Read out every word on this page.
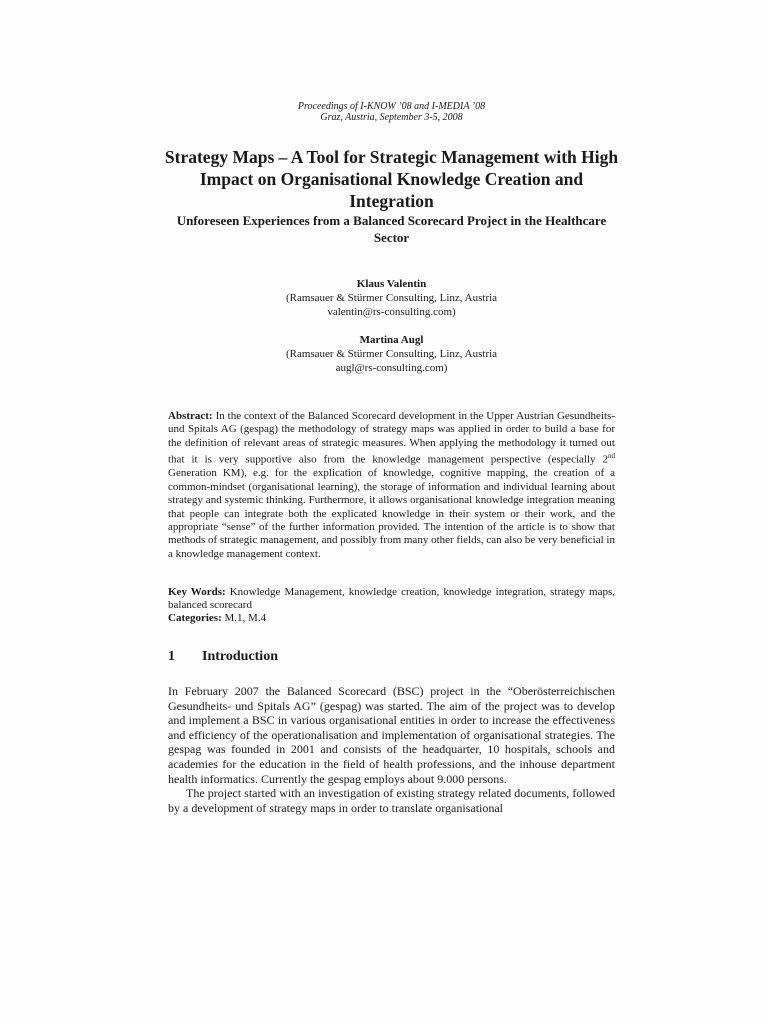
Proceedings of I-KNOW ’08 and I-MEDIA ’08
Graz, Austria, September 3-5, 2008
Strategy Maps – A Tool for Strategic Management with High Impact on Organisational Knowledge Creation and Integration
Unforeseen Experiences from a Balanced Scorecard Project in the Healthcare Sector
Klaus Valentin
(Ramsauer & Stürmer Consulting, Linz, Austria
valentin@rs-consulting.com)
Martina Augl
(Ramsauer & Stürmer Consulting, Linz, Austria
augl@rs-consulting.com)
Abstract: In the context of the Balanced Scorecard development in the Upper Austrian Gesundheits- und Spitals AG (gespag) the methodology of strategy maps was applied in order to build a base for the definition of relevant areas of strategic measures. When applying the methodology it turned out that it is very supportive also from the knowledge management perspective (especially 2nd Generation KM), e.g. for the explication of knowledge, cognitive mapping, the creation of a common-mindset (organisational learning), the storage of information and individual learning about strategy and systemic thinking. Furthermore, it allows organisational knowledge integration meaning that people can integrate both the explicated knowledge in their system or their work, and the appropriate “sense” of the further information provided. The intention of the article is to show that methods of strategic management, and possibly from many other fields, can also be very beneficial in a knowledge management context.
Key Words: Knowledge Management, knowledge creation, knowledge integration, strategy maps, balanced scorecard
Categories: M.1, M.4
1 Introduction

In February 2007 the Balanced Scorecard (BSC) project in the “Oberösterreichischen Gesundheits- und Spitals AG” (gespag) was started. The aim of the project was to develop and implement a BSC in various organisational entities in order to increase the effectiveness and efficiency of the operationalisation and implementation of organisational strategies. The gespag was founded in 2001 and consists of the headquarter, 10 hospitals, schools and academies for the education in the field of health professions, and the inhouse department health informatics. Currently the gespag employs about 9.000 persons.

The project started with an investigation of existing strategy related documents, followed by a development of strategy maps in order to translate organisational
